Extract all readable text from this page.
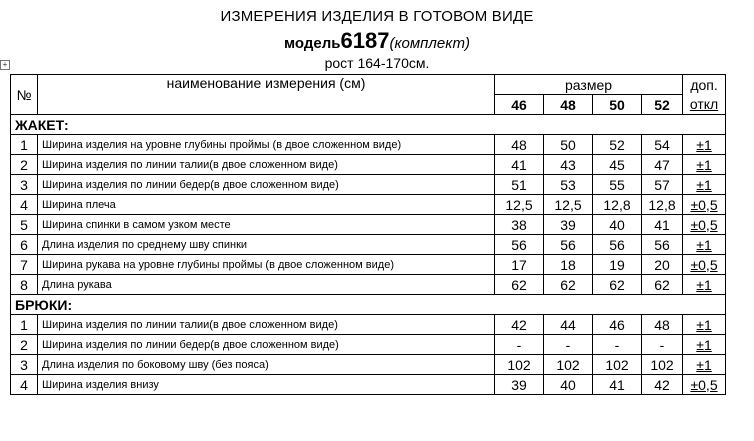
ИЗМЕРЕНИЯ ИЗДЕЛИЯ В ГОТОВОМ ВИДЕ
модель6187(комплект)
рост 164-170см.
+
№	наименование измерения (см)	размер				доп.
		46	48	50	52	откл
ЖАКЕТ:						
1	Ширина изделия на уровне глубины проймы (в двое сложенном виде)	48	50	52	54	±1
2	Ширина изделия по линии талии(в двое сложенном виде)	41	43	45	47	±1
3	Ширина изделия по линии бедер(в двое сложенном виде)	51	53	55	57	±1
4	Ширина плеча	12,5	12,5	12,8	12,8	±0,5
5	Ширина спинки в самом узком месте	38	39	40	41	±0,5
6	Длина изделия по среднему шву спинки	56	56	56	56	±1
7	Ширина рукава на уровне глубины проймы (в двое сложенном виде)	17	18	19	20	±0,5
8	Длина рукава	62	62	62	62	±1
БРЮКИ:						
1	Ширина изделия по линии талии(в двое сложенном виде)	42	44	46	48	±1
2	Ширина изделия по линии бедер(в двое сложенном виде)	-	-	-	-	±1
3	Длина изделия по боковому шву (без пояса)	102	102	102	102	±1
4	Ширина изделия внизу	39	40	41	42	±0,5
